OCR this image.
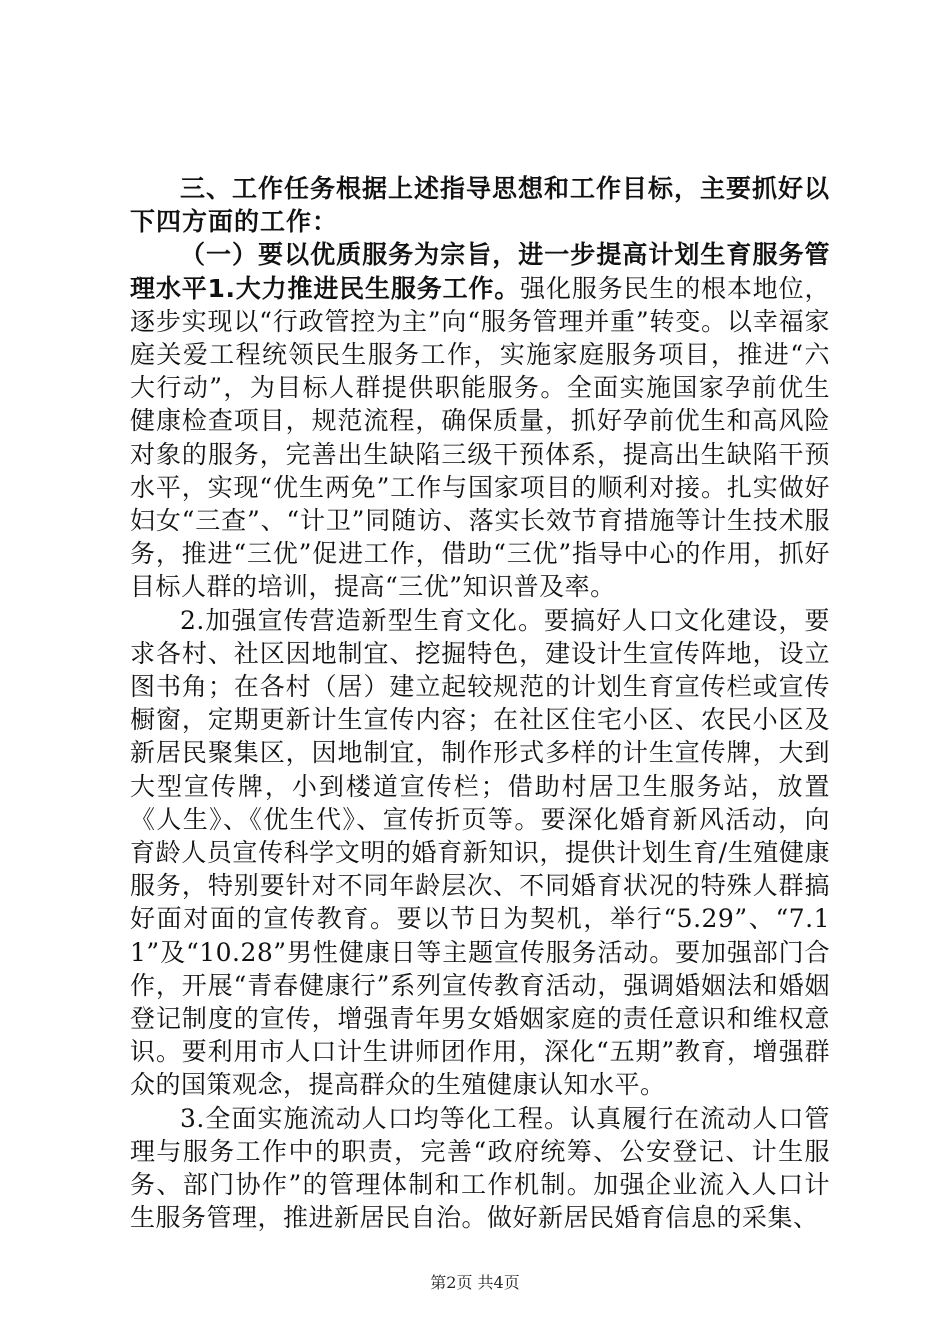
三、工作任务根据上述指导思想和工作目标，主要抓好以下四方面的工作：

（一）要以优质服务为宗旨，进一步提高计划生育服务管理水平1.大力推进民生服务工作。强化服务民生的根本地位，逐步实现以“行政管控为主”向“服务管理并重”转变。以幸福家庭关爱工程统领民生服务工作，实施家庭服务项目，推进“六大行动”，为目标人群提供职能服务。全面实施国家孕前优生健康检查项目，规范流程，确保质量，抓好孕前优生和高风险对象的服务，完善出生缺陷三级干预体系，提高出生缺陷干预水平，实现“优生两免”工作与国家项目的顺利对接。扎实做好妇女“三查”、“计卫”同随访、落实长效节育措施等计生技术服务，推进“三优”促进工作，借助“三优”指导中心的作用，抓好目标人群的培训，提高“三优”知识普及率。

2.加强宣传营造新型生育文化。要搞好人口文化建设，要求各村、社区因地制宜、挖掘特色，建设计生宣传阵地，设立图书角；在各村（居）建立起较规范的计划生育宣传栏或宣传橱窗，定期更新计生宣传内容；在社区住宅小区、农民小区及新居民聚集区，因地制宜，制作形式多样的计生宣传牌，大到大型宣传牌，小到楼道宣传栏；借助村居卫生服务站，放置《人生》、《优生代》、宣传折页等。要深化婚育新风活动，向育龄人员宣传科学文明的婚育新知识，提供计划生育/生殖健康服务，特别要针对不同年龄层次、不同婚育状况的特殊人群搞好面对面的宣传教育。要以节日为契机，举行“5.29”、“7.11”及“10.28”男性健康日等主题宣传服务活动。要加强部门合作，开展“青春健康行”系列宣传教育活动，强调婚姻法和婚姻登记制度的宣传，增强青年男女婚姻家庭的责任意识和维权意识。要利用市人口计生讲师团作用，深化“五期”教育，增强群众的国策观念，提高群众的生殖健康认知水平。

3.全面实施流动人口均等化工程。认真履行在流动人口管理与服务工作中的职责，完善“政府统筹、公安登记、计生服务、部门协作”的管理体制和工作机制。加强企业流入人口计生服务管理，推进新居民自治。做好新居民婚育信息的采集、

第2页 共4页
